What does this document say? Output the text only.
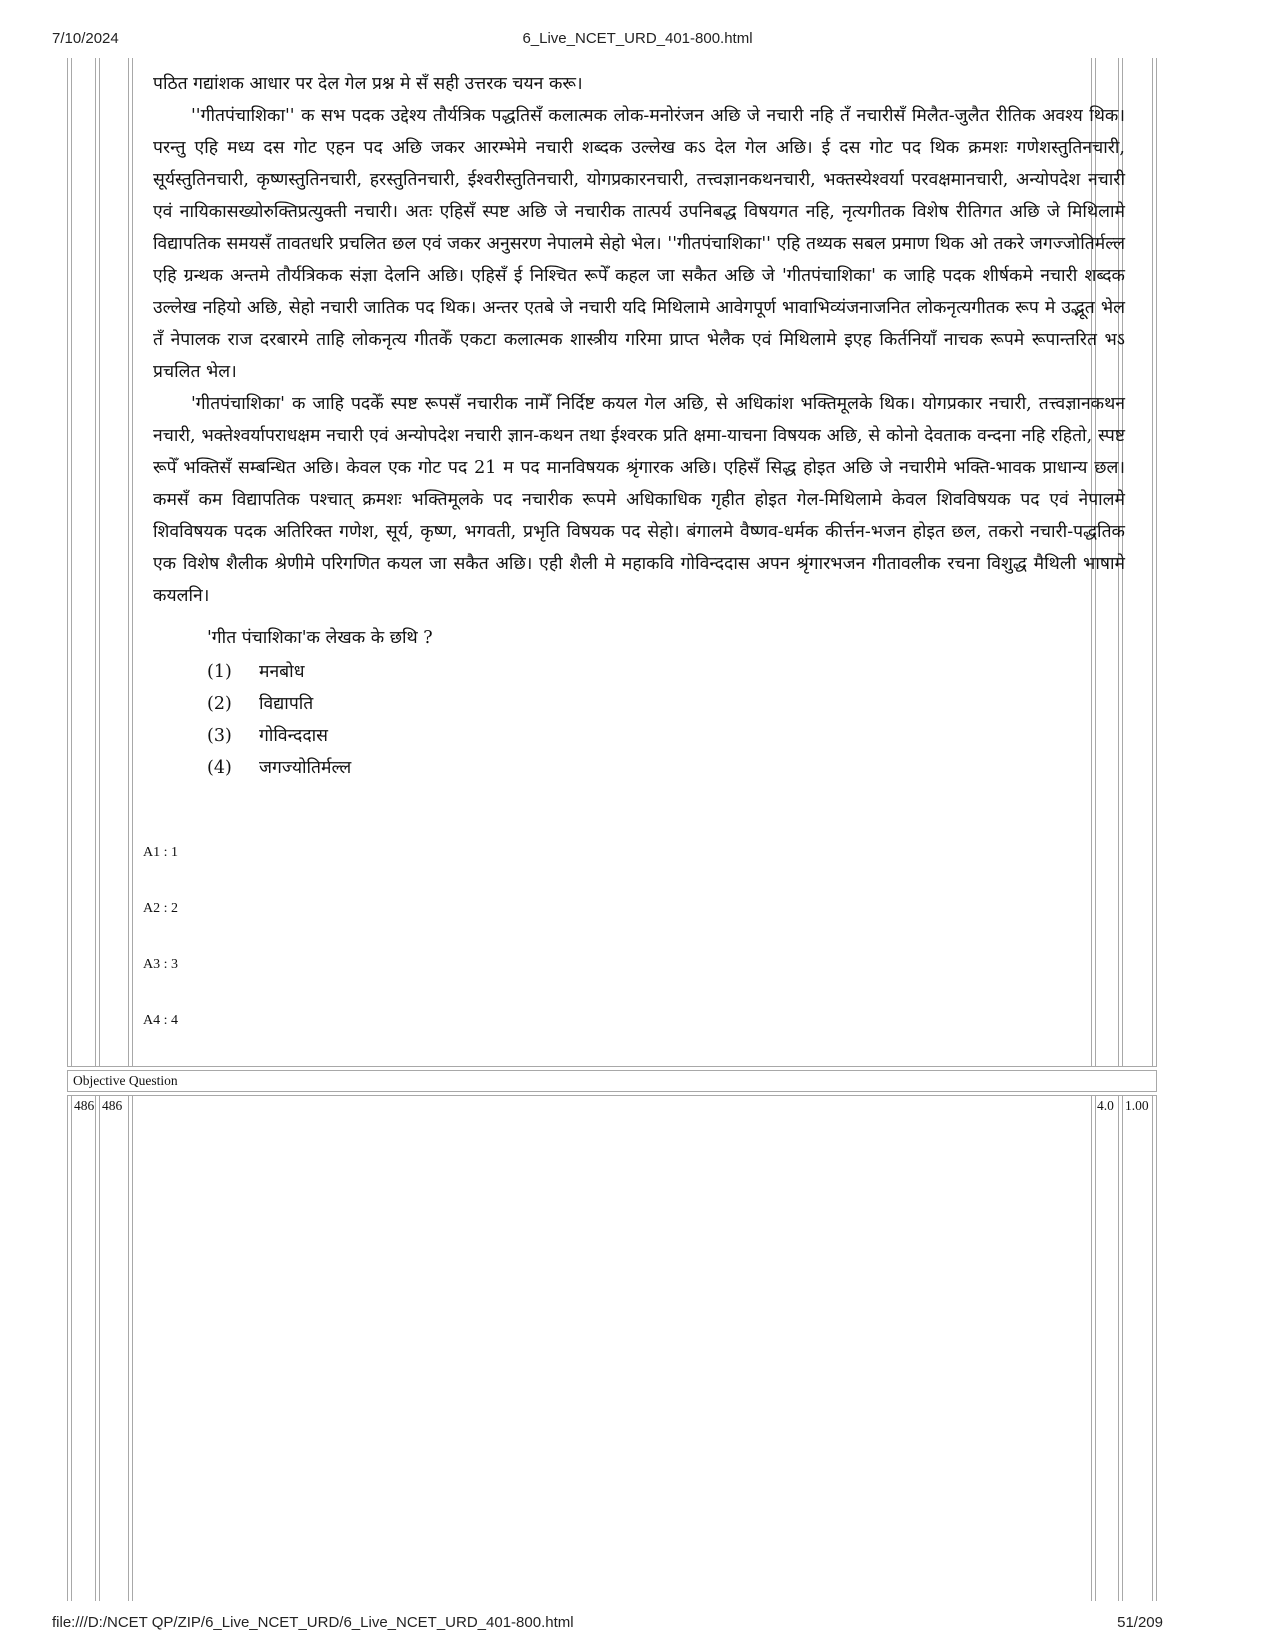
7/10/2024	6_Live_NCET_URD_401-800.html
file:///D:/NCET QP/ZIP/6_Live_NCET_URD/6_Live_NCET_URD_401-800.html	51/209

पठित गद्यांशक आधार पर देल गेल प्रश्न मे सँ सही उत्तरक चयन करू।

''गीतपंचाशिका'' क सभ पदक उद्देश्य तौर्यत्रिक पद्धतिसँ कलात्मक लोक-मनोरंजन अछि जे नचारी नहि तँ नचारीसँ मिलैत-जुलैत रीतिक अवश्य थिक। परन्तु एहि मध्य दस गोट एहन पद अछि जकर आरम्भेमे नचारी शब्दक उल्लेख कऽ देल गेल अछि। ई दस गोट पद थिक क्रमशः गणेशस्तुतिनचारी, सूर्यस्तुतिनचारी, कृष्णस्तुतिनचारी, हरस्तुतिनचारी, ईश्वरीस्तुतिनचारी, योगप्रकारनचारी, तत्त्वज्ञानकथनचारी, भक्तस्येश्वर्या परवक्षमानचारी, अन्योपदेश नचारी एवं नायिकासख्योरुक्तिप्रत्युक्ती नचारी। अतः एहिसँ स्पष्ट अछि जे नचारीक तात्पर्य उपनिबद्ध विषयगत नहि, नृत्यगीतक विशेष रीतिगत अछि जे मिथिलामे विद्यापतिक समयसँ तावतधरि प्रचलित छल एवं जकर अनुसरण नेपालमे सेहो भेल। ''गीतपंचाशिका'' एहि तथ्यक सबल प्रमाण थिक ओ तकरे जगज्जोतिर्मल्ल एहि ग्रन्थक अन्तमे तौर्यत्रिकक संज्ञा देलनि अछि। एहिसँ ई निश्चित रूपेँ कहल जा सकैत अछि जे 'गीतपंचाशिका' क जाहि पदक शीर्षकमे नचारी शब्दक उल्लेख नहियो अछि, सेहो नचारी जातिक पद थिक। अन्तर एतबे जे नचारी यदि मिथिलामे आवेगपूर्ण भावाभिव्यंजनाजनित लोकनृत्यगीतक रूप मे उद्भूत भेल तँ नेपालक राज दरबारमे ताहि लोकनृत्य गीतकेँ एकटा कलात्मक शास्त्रीय गरिमा प्राप्त भेलैक एवं मिथिलामे इएह किर्तनियाँ नाचक रूपमे रूपान्तरित भऽ प्रचलित भेल।

'गीतपंचाशिका' क जाहि पदकेँ स्पष्ट रूपसँ नचारीक नामेँ निर्दिष्ट कयल गेल अछि, से अधिकांश भक्तिमूलके थिक। योगप्रकार नचारी, तत्त्वज्ञानकथन नचारी, भक्तेश्वर्यापराधक्षम नचारी एवं अन्योपदेश नचारी ज्ञान-कथन तथा ईश्वरक प्रति क्षमा-याचना विषयक अछि, से कोनो देवताक वन्दना नहि रहितो, स्पष्ट रूपेँ भक्तिसँ सम्बन्धित अछि। केवल एक गोट पद 21 म पद मानविषयक श्रृंगारक अछि। एहिसँ सिद्ध होइत अछि जे नचारीमे भक्ति-भावक प्राधान्य छल। कमसँ कम विद्यापतिक पश्चात् क्रमशः भक्तिमूलके पद नचारीक रूपमे अधिकाधिक गृहीत होइत गेल-मिथिलामे केवल शिवविषयक पद एवं नेपालमे शिवविषयक पदक अतिरिक्त गणेश, सूर्य, कृष्ण, भगवती, प्रभृति विषयक पद सेहो। बंगालमे वैष्णव-धर्मक कीर्त्तन-भजन होइत छल, तकरो नचारी-पद्धतिक एक विशेष शैलीक श्रेणीमे परिगणित कयल जा सकैत अछि। एही शैली मे महाकवि गोविन्ददास अपन श्रृंगारभजन गीतावलीक रचना विशुद्ध मैथिली भाषामे कयलनि।

'गीत पंचाशिका'क लेखक के छथि ?

(1) मनबोध
(2) विद्यापति
(3) गोविन्ददास
(4) जगज्योतिर्मल्ल
A1 : 1
A2 : 2
A3 : 3
A4 : 4
Objective Question
486 486	4.0 1.00
